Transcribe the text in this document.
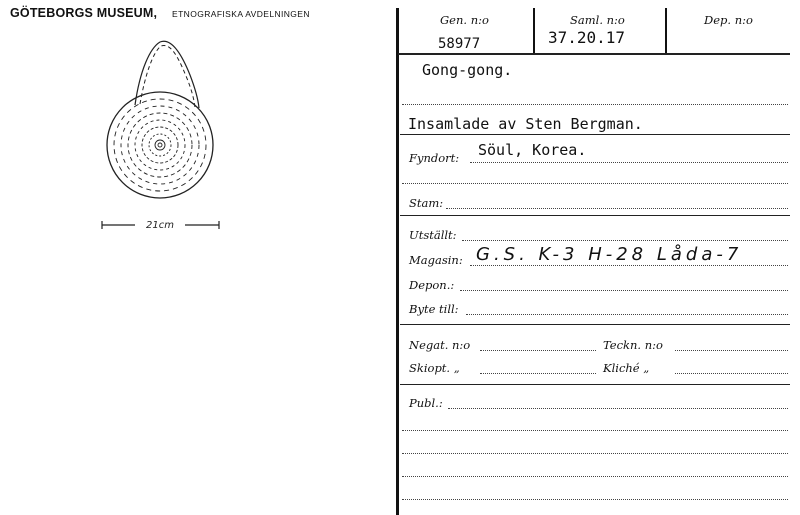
GÖTEBORGS MUSEUM, ETNOGRAFISKA AVDELNINGEN
21cm
Gen. n:o
58977
Saml. n:o
37.20.17
Dep. n:o
Gong-gong.
Insamlade av Sten Bergman.
Fyndort: Söul, Korea.
Stam:
Utställt:
Magasin: G.S. K-3 H-28 Låda-7
Depon.:
Byte till:
Negat. n:o	Teckn. n:o
Skiopt. „	Kliché „
Publ.:
